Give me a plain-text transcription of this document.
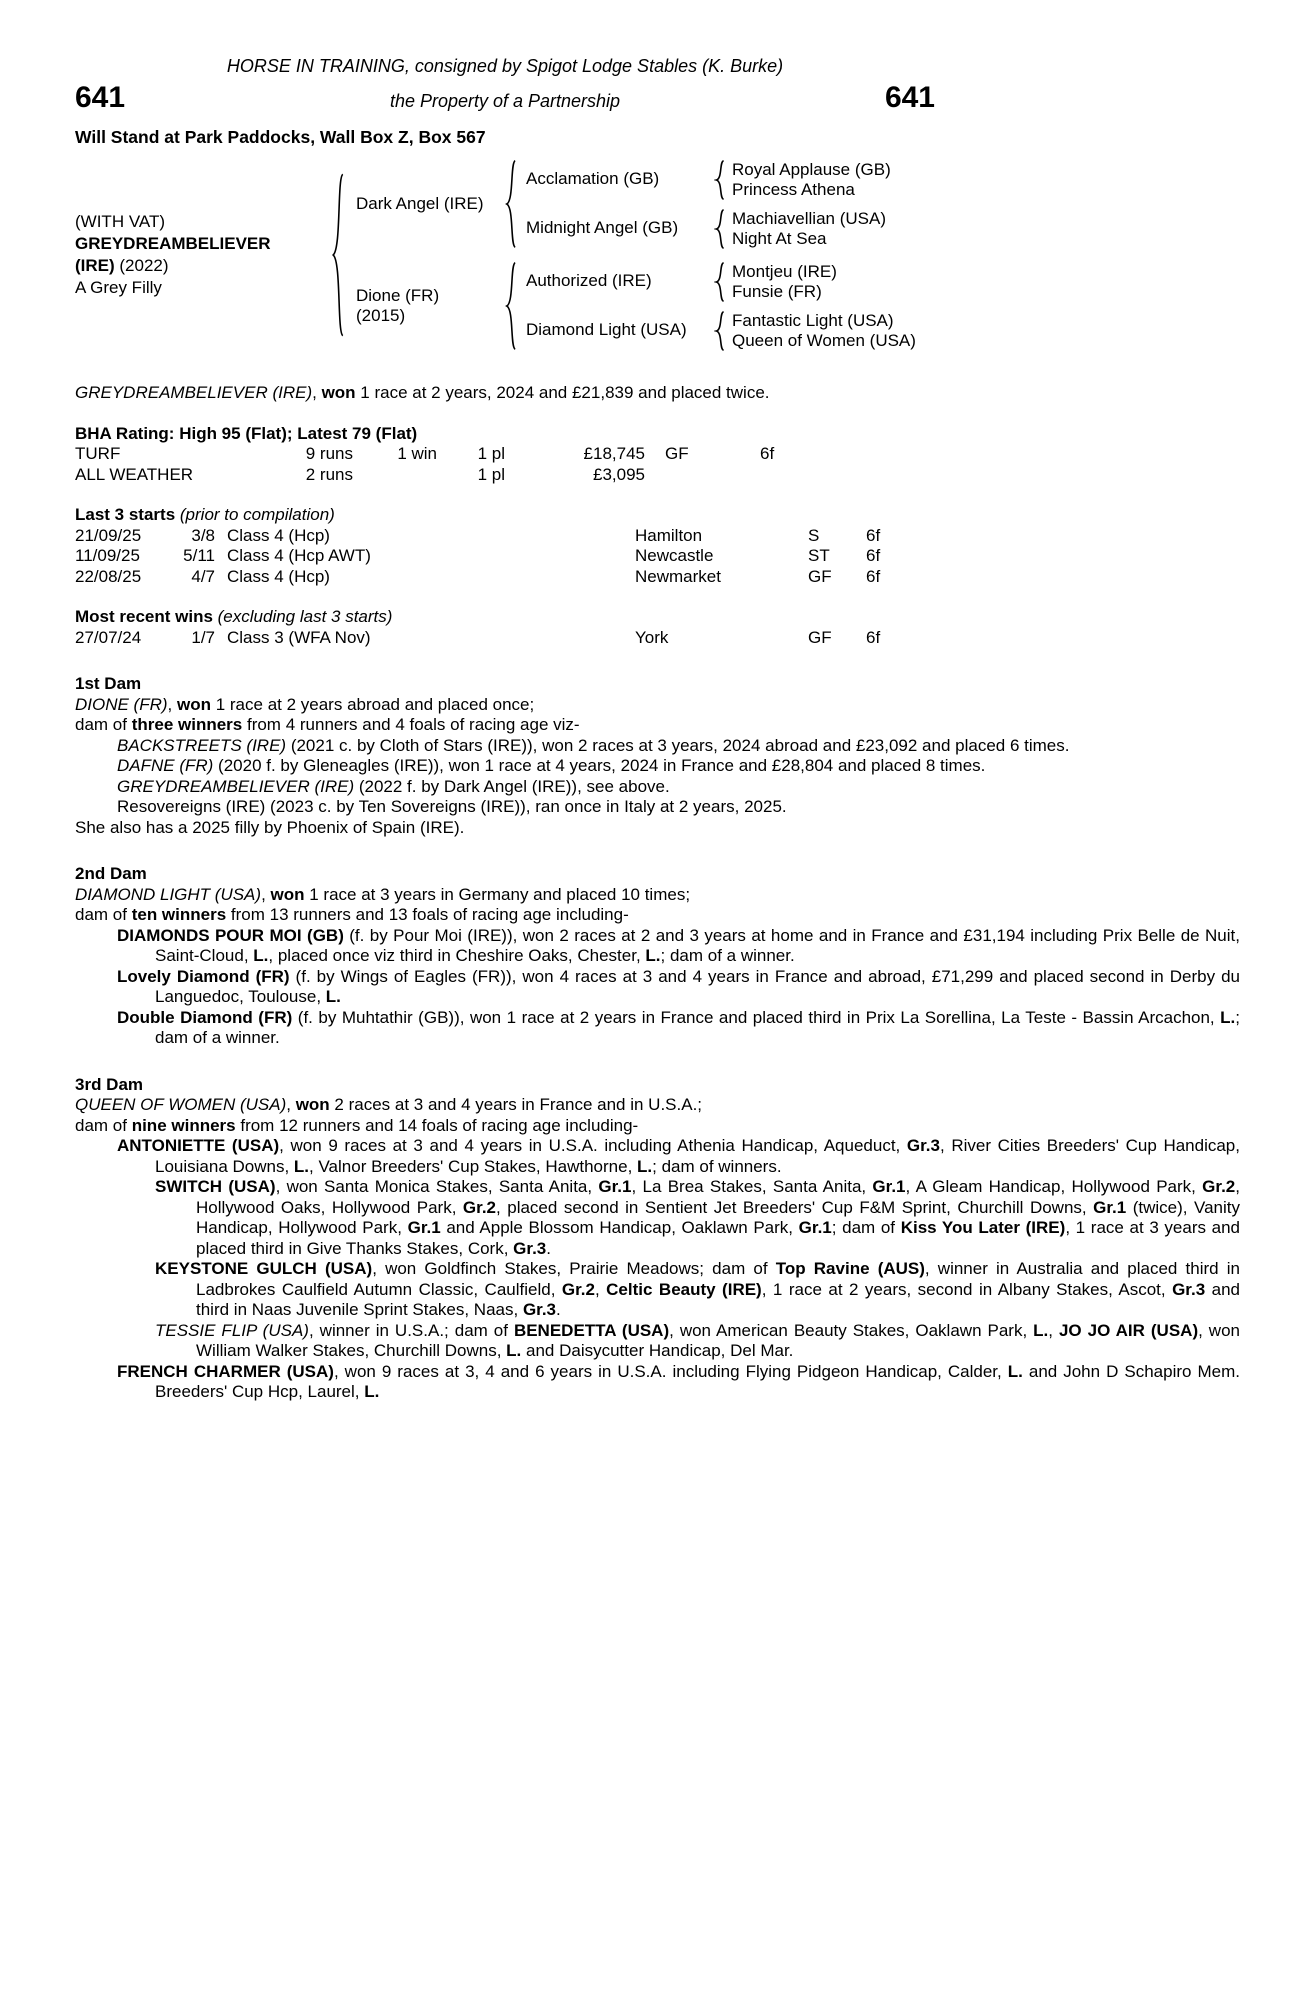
HORSE IN TRAINING, consigned by Spigot Lodge Stables (K. Burke)
641	the Property of a Partnership	641
Will Stand at Park Paddocks, Wall Box Z, Box 567
(WITH VAT)
GREYDREAMBELIEVER
(IRE) (2022)
A Grey Filly
Dark Angel (IRE)
Acclamation (GB)
Royal Applause (GB)
Princess Athena
Midnight Angel (GB)
Machiavellian (USA)
Night At Sea
Dione (FR)
(2015)
Authorized (IRE)
Montjeu (IRE)
Funsie (FR)
Diamond Light (USA)
Fantastic Light (USA)
Queen of Women (USA)
GREYDREAMBELIEVER (IRE), won 1 race at 2 years, 2024 and £21,839 and placed twice.
BHA Rating: High 95 (Flat); Latest 79 (Flat)
TURF	9 runs	1 win	1 pl	£18,745	GF	6f
ALL WEATHER	2 runs	1 pl	£3,095
Last 3 starts (prior to compilation)
21/09/25	3/8 Class 4 (Hcp)	Hamilton	S	6f
11/09/25	5/11 Class 4 (Hcp AWT)	Newcastle	ST	6f
22/08/25	4/7 Class 4 (Hcp)	Newmarket	GF	6f
Most recent wins (excluding last 3 starts)
27/07/24	1/7 Class 3 (WFA Nov)	York	GF	6f
1st Dam
DIONE (FR), won 1 race at 2 years abroad and placed once;
dam of three winners from 4 runners and 4 foals of racing age viz-
BACKSTREETS (IRE) (2021 c. by Cloth of Stars (IRE)), won 2 races at 3 years, 2024 abroad and £23,092 and placed 6 times.
DAFNE (FR) (2020 f. by Gleneagles (IRE)), won 1 race at 4 years, 2024 in France and £28,804 and placed 8 times.
GREYDREAMBELIEVER (IRE) (2022 f. by Dark Angel (IRE)), see above.
Resovereigns (IRE) (2023 c. by Ten Sovereigns (IRE)), ran once in Italy at 2 years, 2025.
She also has a 2025 filly by Phoenix of Spain (IRE).
2nd Dam
DIAMOND LIGHT (USA), won 1 race at 3 years in Germany and placed 10 times;
dam of ten winners from 13 runners and 13 foals of racing age including-
DIAMONDS POUR MOI (GB) (f. by Pour Moi (IRE)), won 2 races at 2 and 3 years at home and in France and £31,194 including Prix Belle de Nuit, Saint-Cloud, L., placed once viz third in Cheshire Oaks, Chester, L.; dam of a winner.
Lovely Diamond (FR) (f. by Wings of Eagles (FR)), won 4 races at 3 and 4 years in France and abroad, £71,299 and placed second in Derby du Languedoc, Toulouse, L.
Double Diamond (FR) (f. by Muhtathir (GB)), won 1 race at 2 years in France and placed third in Prix La Sorellina, La Teste - Bassin Arcachon, L.; dam of a winner.
3rd Dam
QUEEN OF WOMEN (USA), won 2 races at 3 and 4 years in France and in U.S.A.;
dam of nine winners from 12 runners and 14 foals of racing age including-
ANTONIETTE (USA), won 9 races at 3 and 4 years in U.S.A. including Athenia Handicap, Aqueduct, Gr.3, River Cities Breeders' Cup Handicap, Louisiana Downs, L., Valnor Breeders' Cup Stakes, Hawthorne, L.; dam of winners.
SWITCH (USA), won Santa Monica Stakes, Santa Anita, Gr.1, La Brea Stakes, Santa Anita, Gr.1, A Gleam Handicap, Hollywood Park, Gr.2, Hollywood Oaks, Hollywood Park, Gr.2, placed second in Sentient Jet Breeders' Cup F&M Sprint, Churchill Downs, Gr.1 (twice), Vanity Handicap, Hollywood Park, Gr.1 and Apple Blossom Handicap, Oaklawn Park, Gr.1; dam of Kiss You Later (IRE), 1 race at 3 years and placed third in Give Thanks Stakes, Cork, Gr.3.
KEYSTONE GULCH (USA), won Goldfinch Stakes, Prairie Meadows; dam of Top Ravine (AUS), winner in Australia and placed third in Ladbrokes Caulfield Autumn Classic, Caulfield, Gr.2, Celtic Beauty (IRE), 1 race at 2 years, second in Albany Stakes, Ascot, Gr.3 and third in Naas Juvenile Sprint Stakes, Naas, Gr.3.
TESSIE FLIP (USA), winner in U.S.A.; dam of BENEDETTA (USA), won American Beauty Stakes, Oaklawn Park, L., JO JO AIR (USA), won William Walker Stakes, Churchill Downs, L. and Daisycutter Handicap, Del Mar.
FRENCH CHARMER (USA), won 9 races at 3, 4 and 6 years in U.S.A. including Flying Pidgeon Handicap, Calder, L. and John D Schapiro Mem. Breeders' Cup Hcp, Laurel, L.
